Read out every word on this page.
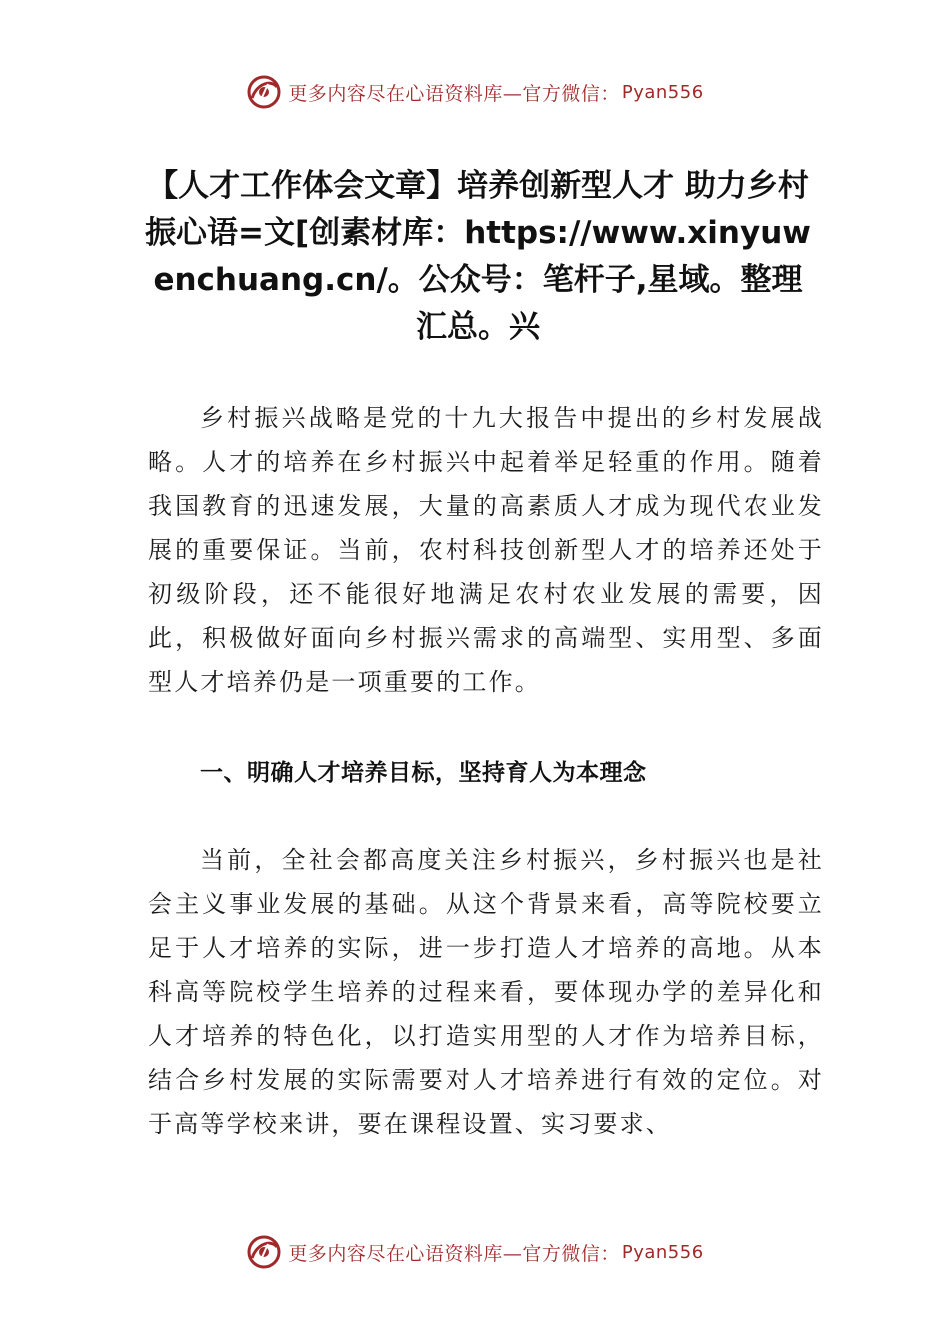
更多内容尽在心语资料库—官方微信： Pyan556
【人才工作体会文章】培养创新型人才 助力乡村振心语=文[创素材库：https://www.xinyuwenchuang.cn/。公众号：笔杆子,星域。整理汇总。兴

乡村振兴战略是党的十九大报告中提出的乡村发展战略。人才的培养在乡村振兴中起着举足轻重的作用。随着我国教育的迅速发展，大量的高素质人才成为现代农业发展的重要保证。当前，农村科技创新型人才的培养还处于初级阶段，还不能很好地满足农村农业发展的需要，因此，积极做好面向乡村振兴需求的高端型、实用型、多面型人才培养仍是一项重要的工作。

一、明确人才培养目标，坚持育人为本理念

当前，全社会都高度关注乡村振兴，乡村振兴也是社会主义事业发展的基础。从这个背景来看，高等院校要立足于人才培养的实际，进一步打造人才培养的高地。从本科高等院校学生培养的过程来看，要体现办学的差异化和人才培养的特色化，以打造实用型的人才作为培养目标，结合乡村发展的实际需要对人才培养进行有效的定位。对于高等学校来讲，要在课程设置、实习要求、

更多内容尽在心语资料库—官方微信： Pyan556
